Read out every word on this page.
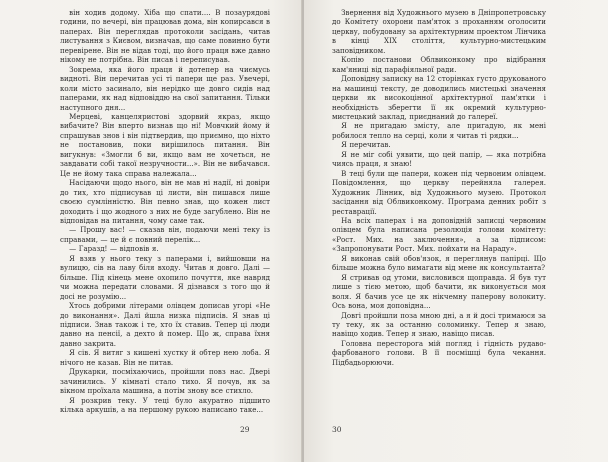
він ходив додому. Хіба що спати.... В позаурядові години, по вечері, він працював дома, він копирсався в паперах. Він переглядав протоколи засідань, читав листування з Києвом, визначав, що саме повинно бути перевірене. Він не відав тоді, що його праця вже давно нікому не потрібна. Він писав і переписував.

Зокрема, яка його праця й дотепер на чиємусь видноті. Він перечитав усі ті папери ще раз. Увечері, коли місто засинало, він нерідко ще довго сидів над паперами, як над відповіддю на свої запитання. Тільки наступного дня...

Мерцеві, канцеляристові здорвий якраз, якщо вибачите? Він вперто визнав що ні! Мовчкий йому й спрашував знов і він підтвердив, що приємно, що ніхто не постановив, поки вирішилось питання. Він вигукнув: «Змогли б ви, якщо вам не хочеться, не завдавати собі такої незручности...». Він не вибачався. Це не йому така справа належала...

Насідаючи щодо нього, він не мав ні надії, ні довіри до тих, хто підписував ці листи, він пишався лише своєю сумлінністю. Він певно знав, що кожен лист доходить і що жодного з них не буде загублено. Він не відповідав на питання, чому саме так.

— Прошу вас! — сказав він, подаючи мені теку із справами, — це й є повний перелік...

— Гаразд! — відповів я.

Я взяв у нього теку з паперами і, вийшовши на вулицю, сів на лаву біля входу. Читав я довго. Далі — більше. Під кінець мене охопило почуття, яке навряд чи можна передати словами. Я дізнався з того що й досі не розумію...

Хтось добрими літерами олівцем дописав угорі «Не до виконання». Далі йшла низка підписів. Я знав ці підписи. Знав також і те, хто їх ставив. Тепер ці люди давно на пенсії, а дехто й помер. Що ж, справа їхня давно закрита.

Я сів. Я витяг з кишені хустку й обтер нею лоба. Я нічого не казав. Він не питав.

Друкарки, посміхаючись, пройшли повз нас. Двері зачинились. У кімнаті стало тихо. Я почув, як за вікном проїхала машина, а потім знову все стихло.

Я розкрив теку. У теці було акуратно підшито кілька аркушів, а на першому рукою написано таке...

29

Звернення від Художнього музею в Дніпропетровську до Комітету охорони пам'яток з проханням оголосити церкву, побудовану за архітектурним проектом Лінчика в кінці XIX століття, культурно-мистецьким заповідником.

Копію постанови Облвиконкому про відібрання кам'яниці від парафіяльної ради.

Доповідну записку на 12 сторінках густо друкованого на машинці тексту, де доводились мистецькі значення церкви як високоцінної архітектурної пам'ятки і необхідність зберегти її як окремий культурно-мистецький заклад, приєднаний до галереї.

Я не пригадаю змісту, але пригадую, як мені робилося тепло на серці, коли я читав ті рядки...

Я перечитав.

Я не міг собі уявити, що цей папір, — яка потрібна чиясь праця, я знаю!

В теці були ще папери, кожен під червоним олівцем. Повідомлення, що церкву перейняла галерея. Художник Лінник, від Художнього музею. Протокол засідання від Облвиконкому. Програма денних робіт з реставрації.

На всіх паперах і на доповідній записці червоним олівцем була написана резолюція голови комітету: «Рост. Мих. на заключення», а за підписом: «Запропонувати Рост. Мих. пойхати на Нараду».

Я виконав свій обов'язок, я переглянув папірці. Що більше можна було вимагати від мене як консультанта?

Я стривав од утоми, висловився щоправда. Я був тут лише з тією метою, щоб бачити, як виконується моя воля. Я бачив усе це як нікчемну паперову волокиту. Ось вона, моя доповідна...

Довгі пройшли поза мною дні, а я й досі тримаюся за ту теку, як за останню соломинку. Тепер я знаю, навіщо ходив. Тепер я знаю, навіщо писав.

Головна пересторога мій погляд і гідність рудаво-фарбованого голови. В її посмішці була чекання. Підбадьорюючи.

30
